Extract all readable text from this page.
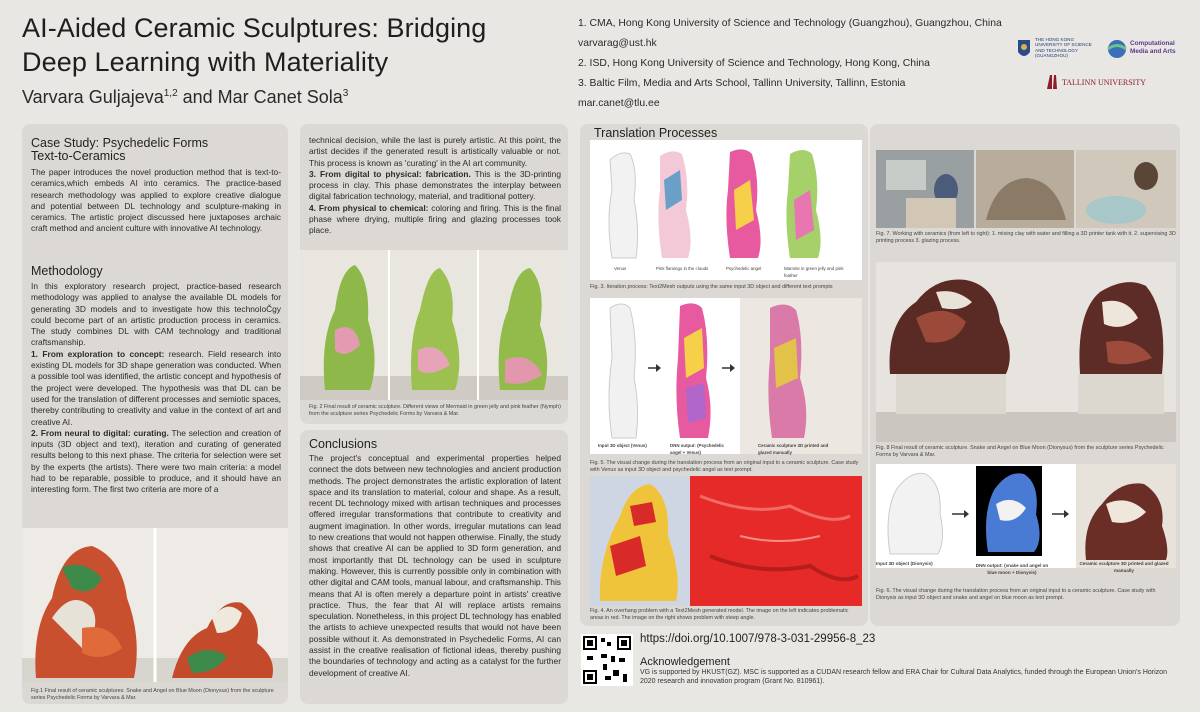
AI-Aided Ceramic Sculptures: Bridging
Deep Learning with Materiality
Varvara Guljajeva$^{1,2}$ and Mar Canet Sola$^3$
1. CMA, Hong Kong University of Science and Technology (Guangzhou), Guangzhou, China
varvarag@ust.hk
2. ISD, Hong Kong University of Science and Technology, Hong Kong, China
3. Baltic Film, Media and Arts School, Tallinn University, Tallinn, Estonia
mar.canet@tlu.ee
THE HONG KONG UNIVERSITY OF SCIENCE AND TECHNOLOGY (GUANGZHOU)
Computational
Media and Arts
TALLINN UNIVERSITY
Case Study: Psychedelic Forms
Text-to-Ceramics

The paper introduces the novel production method that is text-to-ceramics,which embeds AI into ceramics. The practice-based research methodology was applied to explore creative dialogue and potential between DL technology and sculpture-making in ceramics. The artistic project discussed here juxtaposes archaic craft method and ancient culture with innovative AI technology.

Methodology

In this exploratory research project, practice-based research methodology was applied to analyse the available DL models for generating 3D models and to investigate how this technoloČgy could become part of an artistic production process in ceramics. The study combines DL with CAM technology and traditional craftsmanship.

1. From exploration to concept: research. Field research into existing DL models for 3D shape generation was conducted. When a possible tool was identified, the artistic concept and hypothesis of the project were developed. The hypothesis was that DL can be used for the translation of different processes and semiotic spaces, thereby contributing to creativity and value in the context of art and creative AI.

2. From neural to digital: curating. The selection and creation of inputs (3D object and text), iteration and curating of generated results belong to this next phase. The criteria for selection were set by the experts (the artists). There were two main criteria: a model had to be reparable, possible to produce, and it should have an interesting form. The first two criteria are more of a

Fig.1 Final result of ceramic sculptures. Snake and Angel on Blue Moon (Dionysus) from the sculpture series Psychedelic Forms by Varvara & Mar.

technical decision, while the last is purely artistic. At this point, the artist decides if the generated result is artistically valuable or not. This process is known as 'curating' in the AI art community.

3. From digital to physical: fabrication. This is the 3D-printing process in clay. This phase demonstrates the interplay between digital fabrication technology, material, and traditional pottery.

4. From physical to chemical: coloring and firing. This is the final phase where drying, multiple firing and glazing processes took place.

Fig. 2 Final result of ceramic sculpture. Different views of Mermaid in green jelly and pink feather (Nymph) from the sculpture series Psychedelic Forms by Varvara & Mar.
Conclusions

The project's conceptual and experimental properties helped connect the dots between new technologies and ancient production methods. The project demonstrates the artistic exploration of latent space and its translation to material, colour and shape. As a result, recent DL technology mixed with artisan techniques and processes offered irregular transformations that contribute to creativity and augment imagination. In other words, irregular mutations can lead to new creations that would not happen otherwise. Finally, the study shows that creative AI can be applied to 3D form generation, and most importantly that DL technology can be used in sculpture making. However, this is currently possible only in combination with other digital and CAM tools, manual labour, and craftsmanship. This means that AI is often merely a departure point in artists' creative practice. Thus, the fear that AI will replace artists remains speculation. Nonetheless, in this project DL technology has enabled the artists to achieve unexpected results that would not have been possible without it. As demonstrated in Psychedelic Forms, AI can assist in the creative realisation of fictional ideas, thereby pushing the boundaries of technology and acting as a catalyst for the further development of creative AI.

Translation Processes
Venus	Pink flamingo in the clouds	Psychedelic angel	Marmite in green jelly and pink feather
Fig. 3. Iteration process: Text2Mesh outputs using the same input 3D object and different text prompts
Input 3D object (Venus)	DNN output: (Psychedelic angel + Venus)
Ceramic sculpture 3D printed and glazed manually
Fig. 5. The visual change during the translation process from an original input to a ceramic sculpture. Case study with Venus as input 3D object and psychedelic angel as text prompt.
Fig. 4. An overhang problem with a Text2Mesh generated model. The image on the left indicates problematic areas in red. The image on the right shows problem with steep angle.
Fig. 7. Working with ceramics (from left to right): 1. mixing clay with water and filling a 3D printer tank with it. 2. supervising 3D printing process 3. glazing process.
Fig. 8 Final result of ceramic sculpture. Snake and Angel on Blue Moon (Dionysus) from the sculpture series Psychedelic Forms by Varvara & Mar.
Input 3D object (Dionysis)	DNN output: (snake and angel on blue moon + Dionysis)
Ceramic sculpture 3D printed and glazed manually
Fig. 6. The visual change during the translation process from an original input to a ceramic sculpture. Case study with Dionysis as input 3D object and snake and angel on blue moon as text prompt.
https://doi.org/10.1007/978-3-031-29956-8_23
Acknowledgement
VG is supported by HKUST(GZ). MSC is supported as a CUDAN research fellow and ERA Chair for Cultural Data Analytics, funded through the European Union's Horizon 2020 research and innovation program (Grant No. 810961).
